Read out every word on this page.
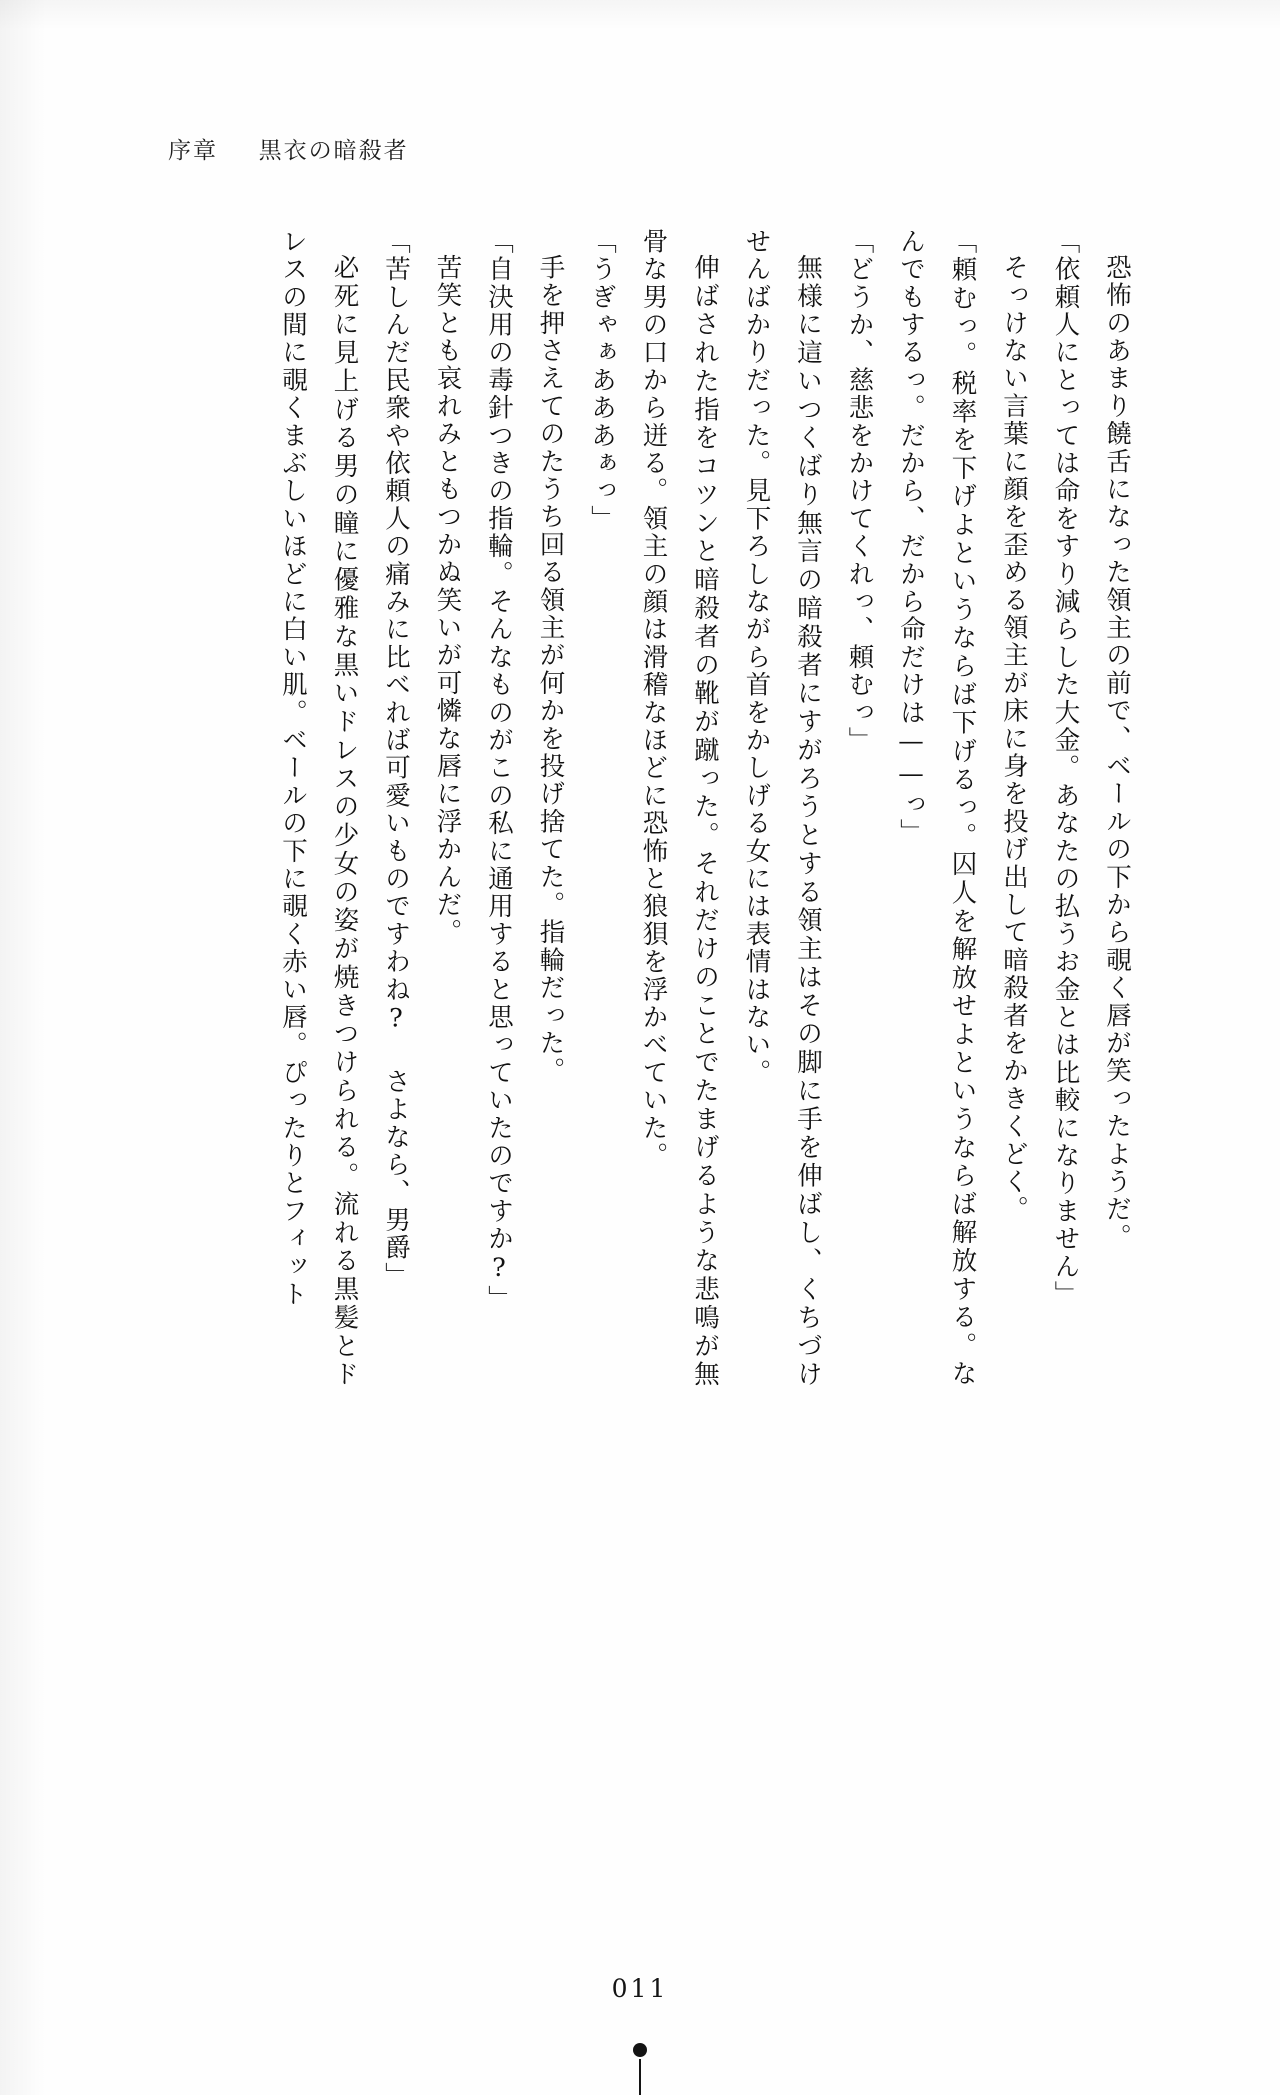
序章 黒衣の暗殺者

恐怖のあまり饒舌になった領主の前で、ベールの下から覗く唇が笑ったようだ。

「依頼人にとっては命をすり減らした大金。あなたの払うお金とは比較になりません」

そっけない言葉に顔を歪める領主が床に身を投げ出して暗殺者をかきくどく。

「頼むっ。税率を下げよというならば下げるっ。囚人を解放せよというならば解放する。なんでもするっ。だから、だから命だけは——っ」

「どうか、慈悲をかけてくれっ、頼むっ」

無様に這いつくばり無言の暗殺者にすがろうとする領主はその脚に手を伸ばし、くちづけせんばかりだった。見下ろしながら首をかしげる女には表情はない。

伸ばされた指をコツンと暗殺者の靴が蹴った。それだけのことでたまげるような悲鳴が無骨な男の口から迸る。領主の顔は滑稽なほどに恐怖と狼狽を浮かべていた。

「うぎゃぁあああぁっ」

手を押さえてのたうち回る領主が何かを投げ捨てた。指輪だった。

「自決用の毒針つきの指輪。そんなものがこの私に通用すると思っていたのですか?」

苦笑とも哀れみともつかぬ笑いが可憐な唇に浮かんだ。

「苦しんだ民衆や依頼人の痛みに比べれば可愛いものですわね? さよなら、男爵」

必死に見上げる男の瞳に優雅な黒いドレスの少女の姿が焼きつけられる。流れる黒髪とドレスの間に覗くまぶしいほどに白い肌。ベールの下に覗く赤い唇。ぴったりとフィット

011
